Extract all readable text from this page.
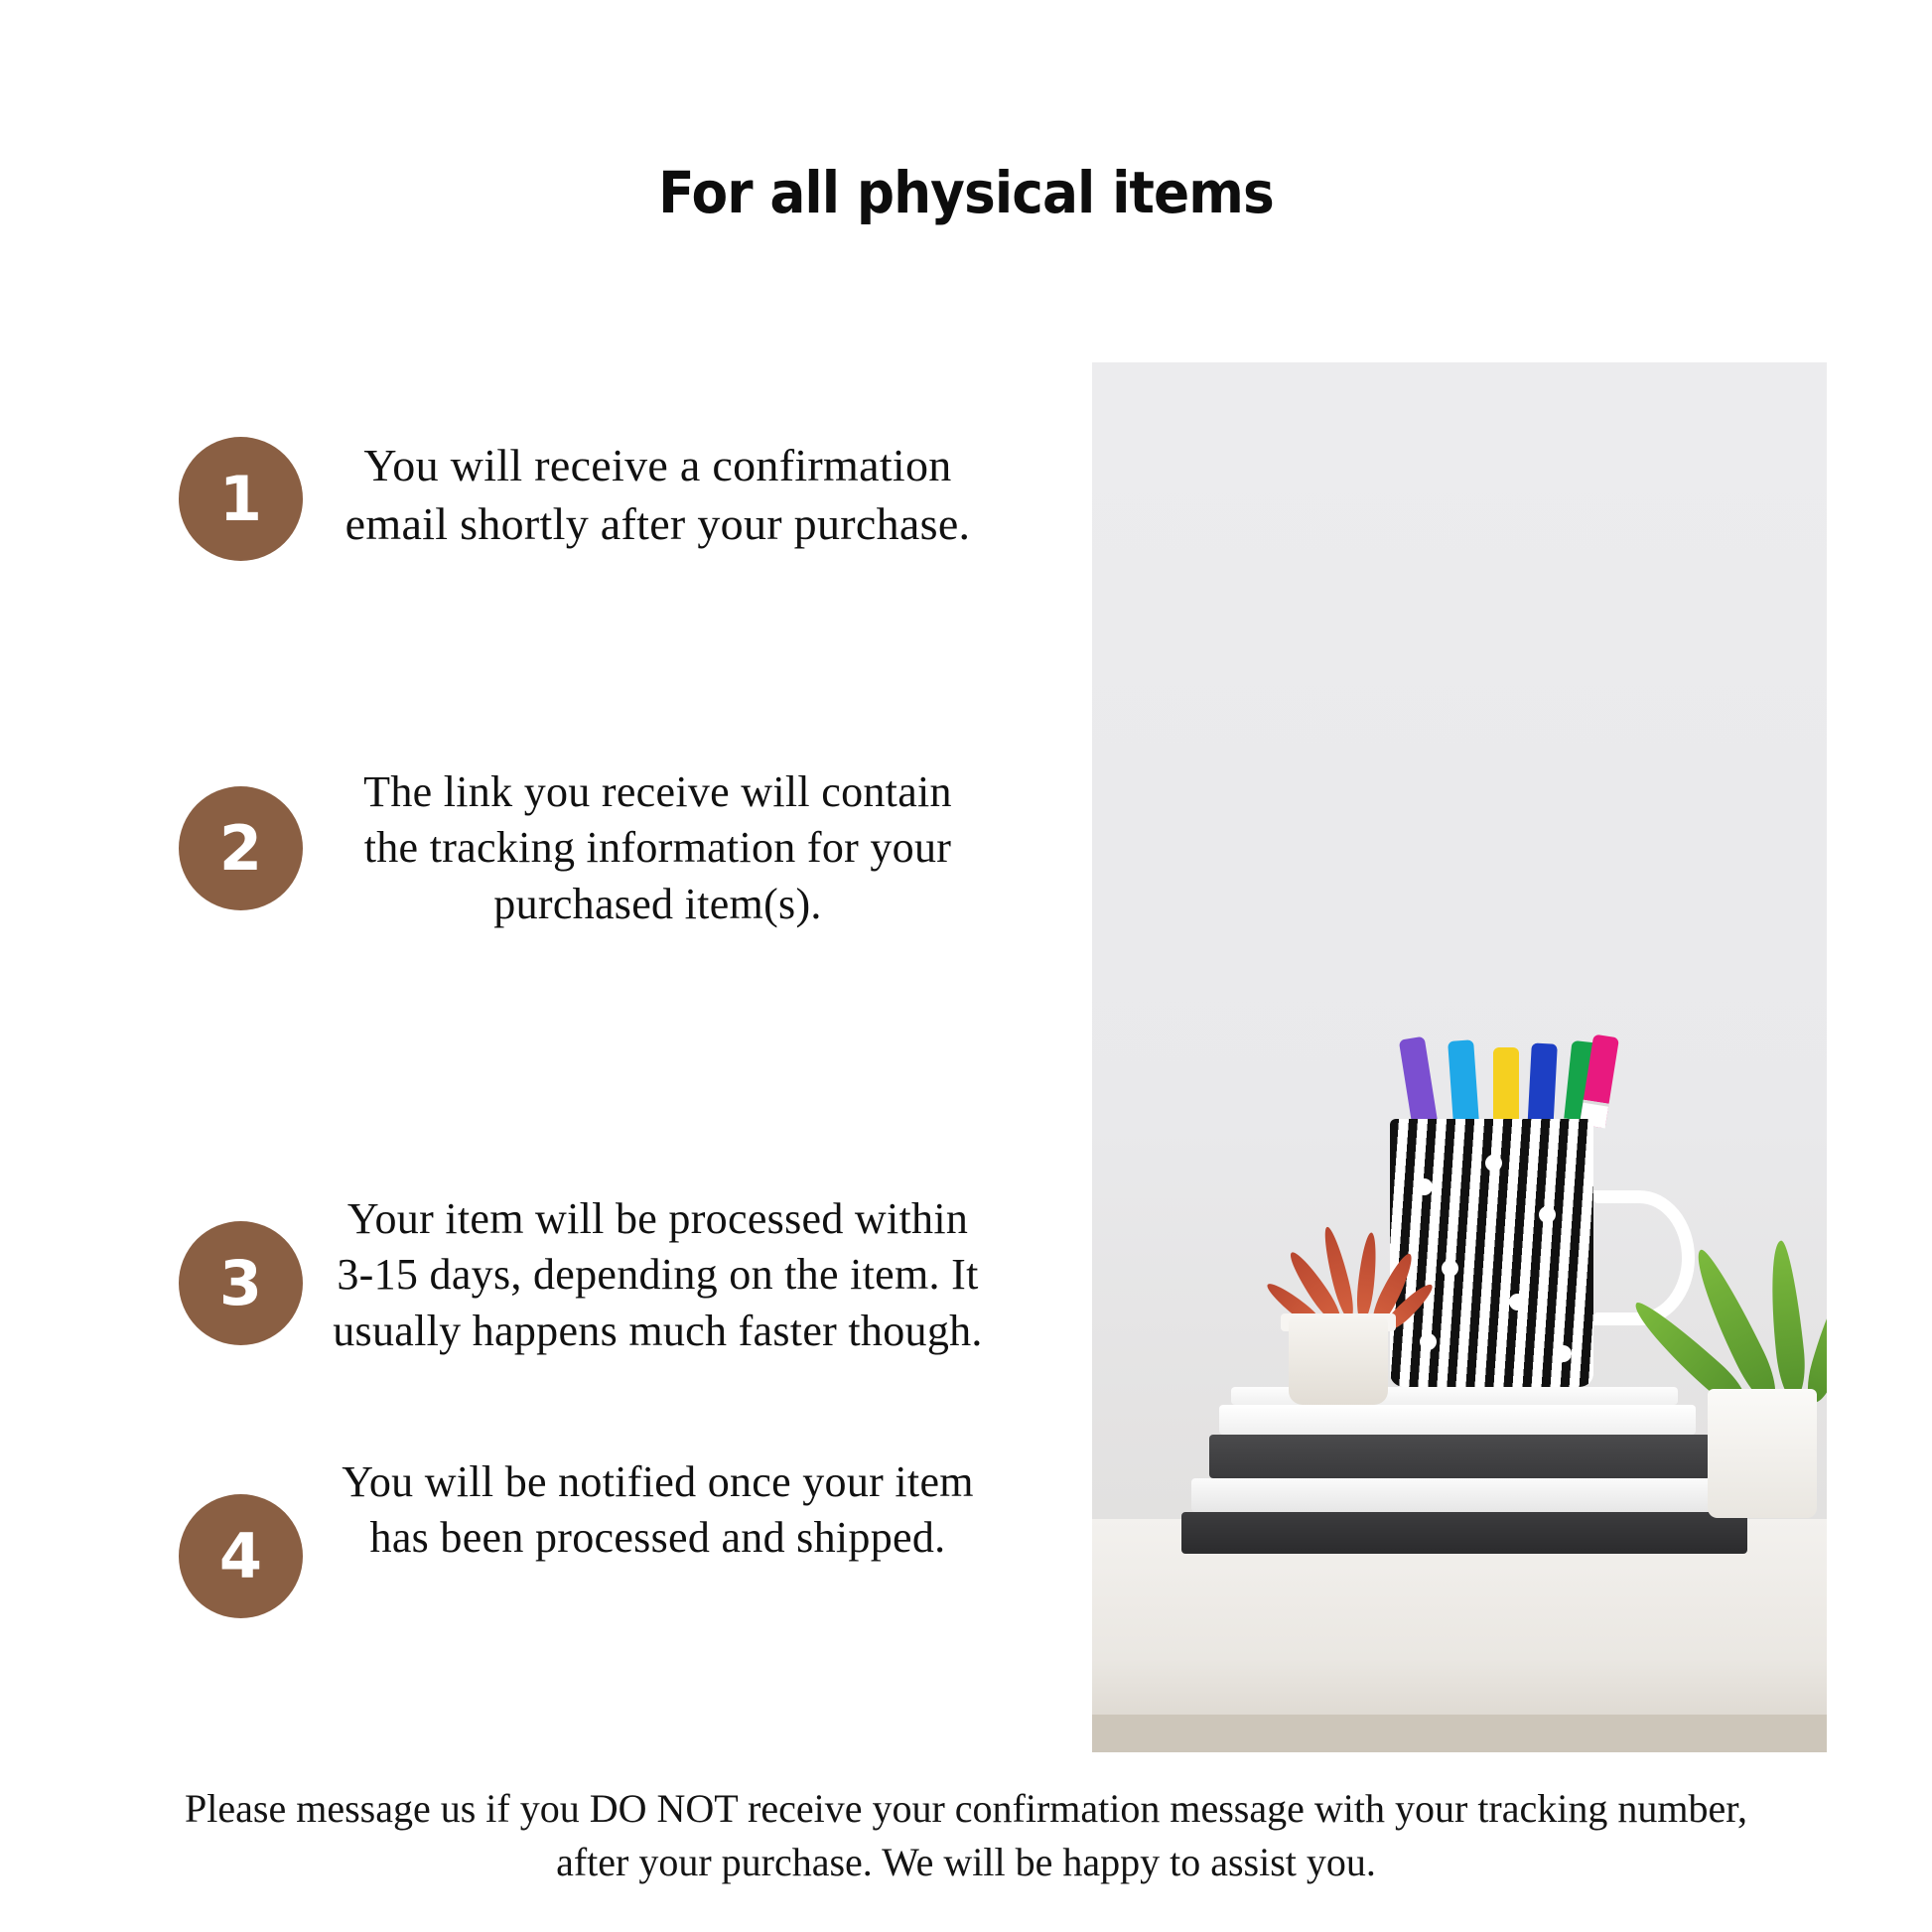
For all physical items
1	You will receive a confirmation email shortly after your purchase.
2
The link you receive will contain the tracking information for your purchased item(s).
3
Your item will be processed within 3-15 days, depending on the item. It usually happens much faster though.
4
You will be notified once your item has been processed and shipped.
Please message us if you DO NOT receive your confirmation message with your tracking number, after your purchase. We will be happy to assist you.
